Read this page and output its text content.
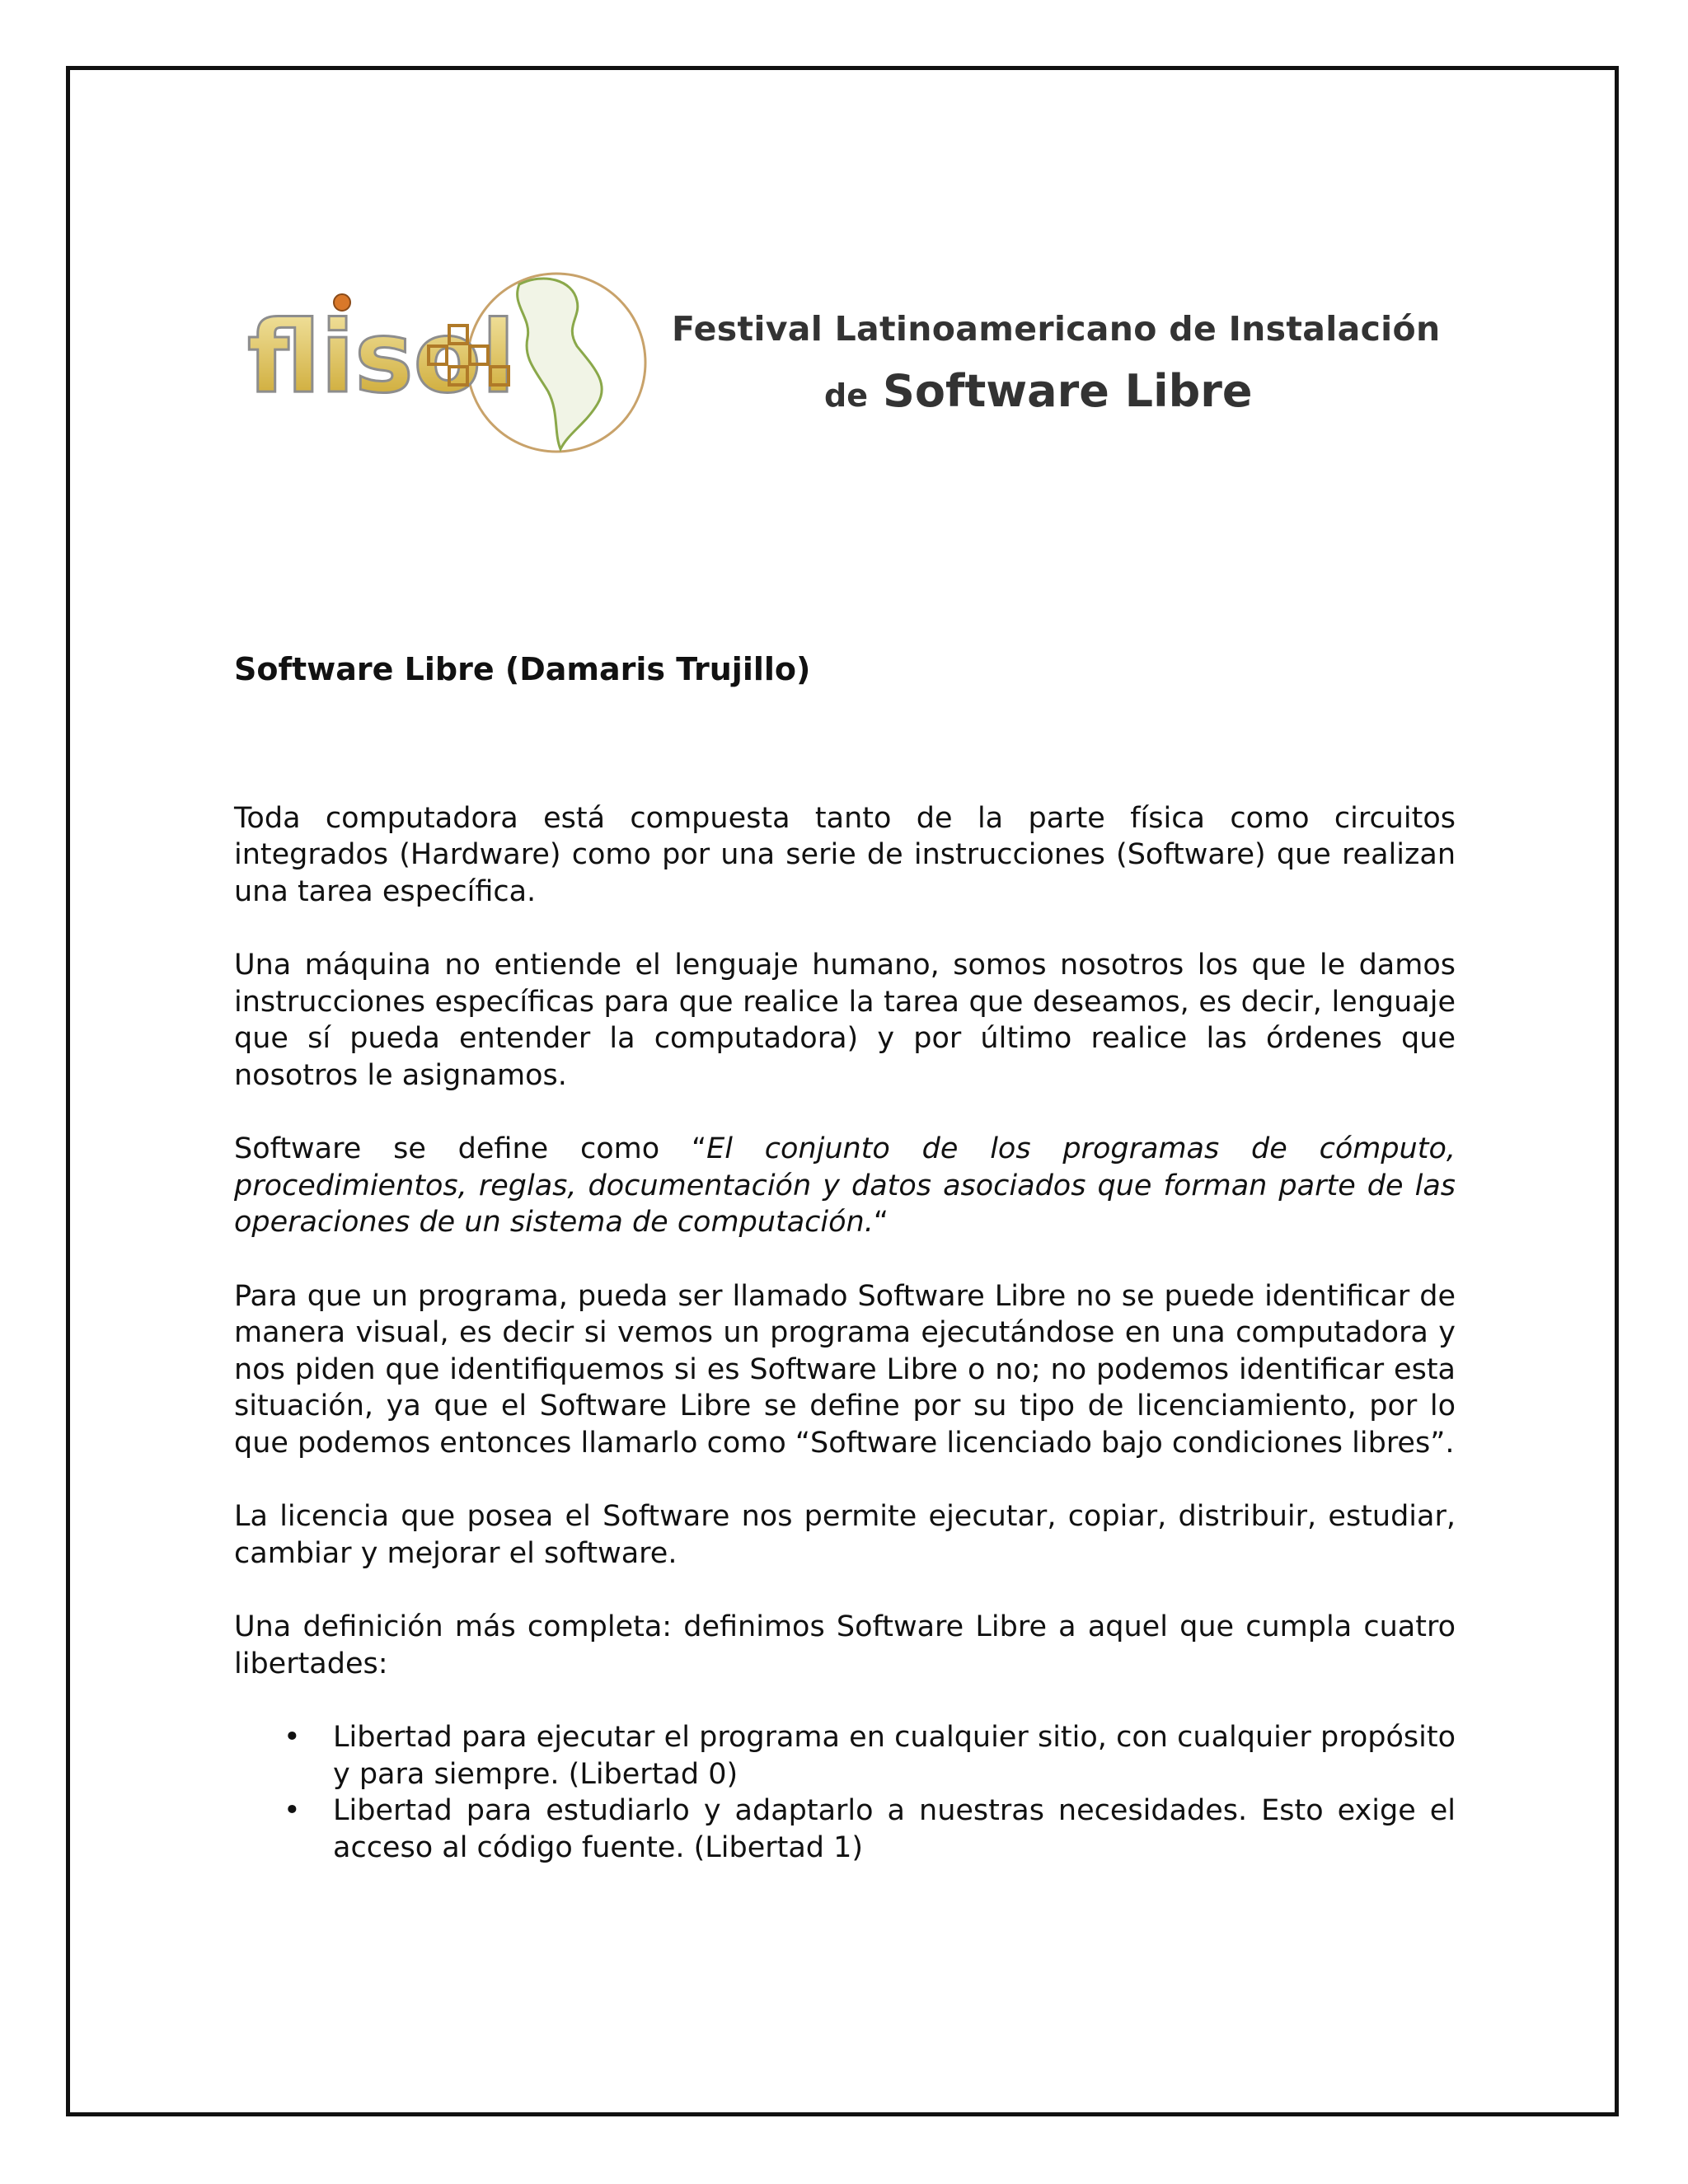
flisol	Festival Latinoamericano de Instalación
de Software Libre
Software Libre (Damaris Trujillo)

Toda computadora está compuesta tanto de la parte física como circuitos integrados (Hardware) como por una serie de instrucciones (Software) que realizan una tarea específica.

Una máquina no entiende el lenguaje humano, somos nosotros los que le damos instrucciones específicas para que realice la tarea que deseamos, es decir, lenguaje que sí pueda entender la computadora) y por último realice las órdenes que nosotros le asignamos.

Software se define como “El conjunto de los programas de cómputo, procedimientos, reglas, documentación y datos asociados que forman parte de las operaciones de un sistema de computación.“

Para que un programa, pueda ser llamado Software Libre no se puede identificar de manera visual, es decir si vemos un programa ejecutándose en una computadora y nos piden que identifiquemos si es Software Libre o no; no podemos identificar esta situación, ya que el Software Libre se define por su tipo de licenciamiento, por lo que podemos entonces llamarlo como “Software licenciado bajo condiciones libres”.

La licencia que posea el Software nos permite ejecutar, copiar, distribuir, estudiar, cambiar y mejorar el software.

Una definición más completa: definimos Software Libre a aquel que cumpla cuatro libertades:

• Libertad para ejecutar el programa en cualquier sitio, con cualquier propósito y para siempre. (Libertad 0)
• Libertad para estudiarlo y adaptarlo a nuestras necesidades. Esto exige el acceso al código fuente. (Libertad 1)
